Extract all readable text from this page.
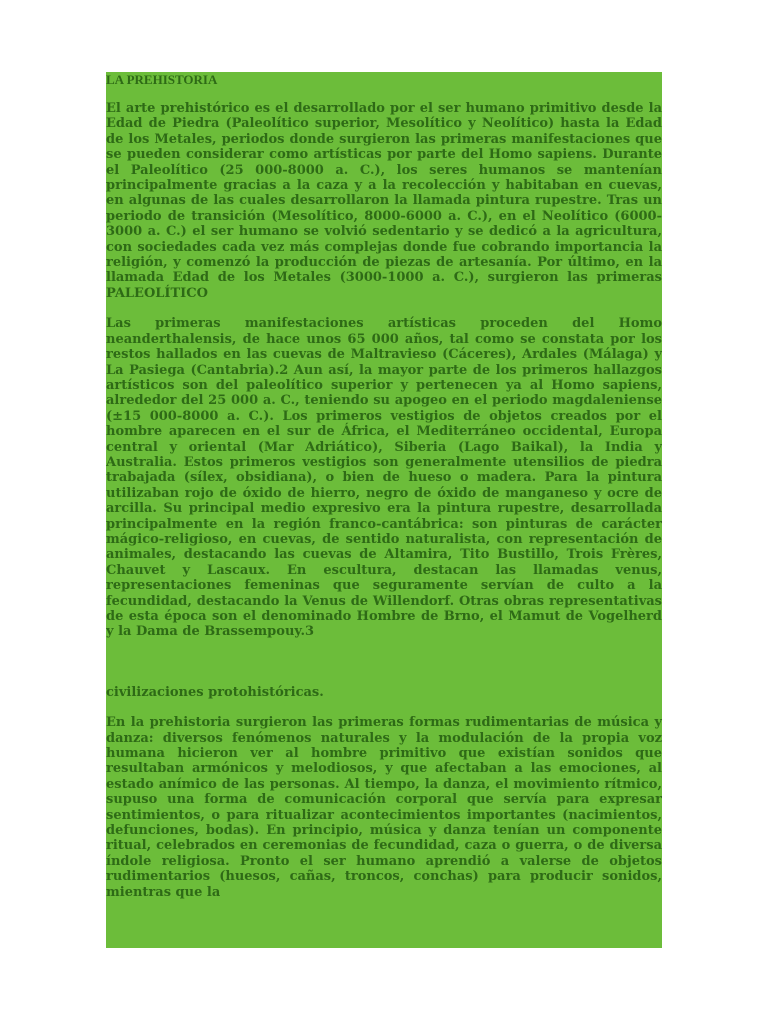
LA PREHISTORIA

El arte prehistórico es el desarrollado por el ser humano primitivo desde la Edad de Piedra (Paleolítico superior, Mesolítico y Neolítico) hasta la Edad de los Metales, periodos donde surgieron las primeras manifestaciones que se pueden considerar como artísticas por parte del Homo sapiens. Durante el Paleolítico (25 000-8000 a. C.), los seres humanos se mantenían principalmente gracias a la caza y a la recolección y habitaban en cuevas, en algunas de las cuales desarrollaron la llamada pintura rupestre. Tras un periodo de transición (Mesolítico, 8000-6000 a. C.), en el Neolítico (6000-3000 a. C.) el ser humano se volvió sedentario y se dedicó a la agricultura, con sociedades cada vez más complejas donde fue cobrando importancia la religión, y comenzó la producción de piezas de artesanía. Por último, en la llamada Edad de los Metales (3000-1000 a. C.), surgieron las primeras PALEOLÍTICO

Las primeras manifestaciones artísticas proceden del Homo neanderthalensis, de hace unos 65 000 años, tal como se constata por los restos hallados en las cuevas de Maltravieso (Cáceres), Ardales (Málaga) y La Pasiega (Cantabria).2 Aun así, la mayor parte de los primeros hallazgos artísticos son del paleolítico superior y pertenecen ya al Homo sapiens, alrededor del 25 000 a. C., teniendo su apogeo en el periodo magdaleniense (±15 000-8000 a. C.). Los primeros vestigios de objetos creados por el hombre aparecen en el sur de África, el Mediterráneo occidental, Europa central y oriental (Mar Adriático), Siberia (Lago Baikal), la India y Australia. Estos primeros vestigios son generalmente utensilios de piedra trabajada (sílex, obsidiana), o bien de hueso o madera. Para la pintura utilizaban rojo de óxido de hierro, negro de óxido de manganeso y ocre de arcilla. Su principal medio expresivo era la pintura rupestre, desarrollada principalmente en la región franco-cantábrica: son pinturas de carácter mágico-religioso, en cuevas, de sentido naturalista, con representación de animales, destacando las cuevas de Altamira, Tito Bustillo, Trois Frères, Chauvet y Lascaux. En escultura, destacan las llamadas venus, representaciones femeninas que seguramente servían de culto a la fecundidad, destacando la Venus de Willendorf. Otras obras representativas de esta época son el denominado Hombre de Brno, el Mamut de Vogelherd y la Dama de Brassempouy.3

civilizaciones protohistóricas.

En la prehistoria surgieron las primeras formas rudimentarias de música y danza: diversos fenómenos naturales y la modulación de la propia voz humana hicieron ver al hombre primitivo que existían sonidos que resultaban armónicos y melodiosos, y que afectaban a las emociones, al estado anímico de las personas. Al tiempo, la danza, el movimiento rítmico, supuso una forma de comunicación corporal que servía para expresar sentimientos, o para ritualizar acontecimientos importantes (nacimientos, defunciones, bodas). En principio, música y danza tenían un componente ritual, celebrados en ceremonias de fecundidad, caza o guerra, o de diversa índole religiosa. Pronto el ser humano aprendió a valerse de objetos rudimentarios (huesos, cañas, troncos, conchas) para producir sonidos, mientras que la
